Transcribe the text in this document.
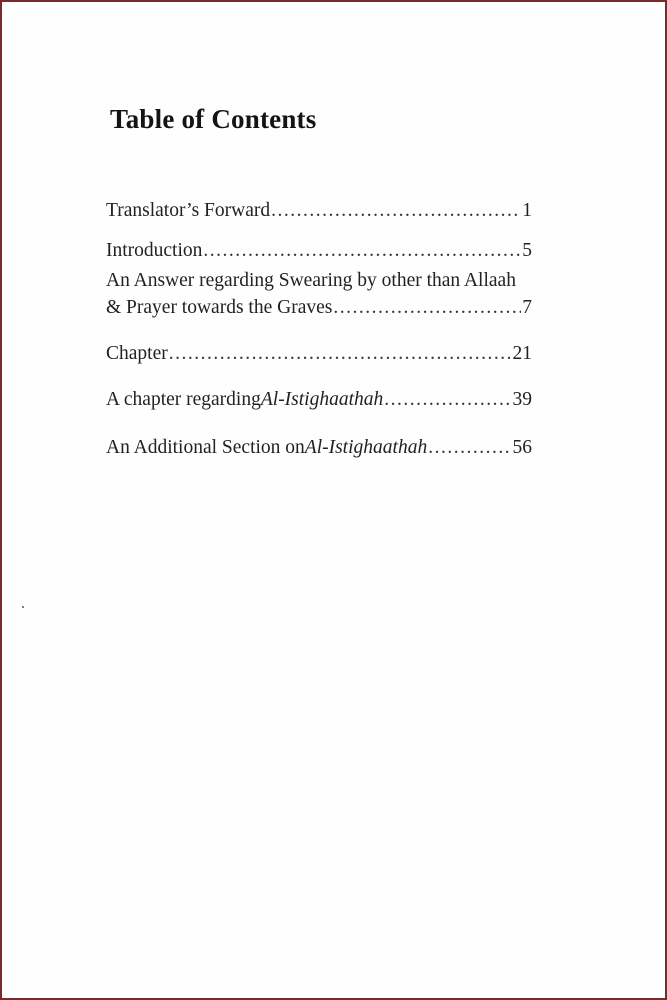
Table of Contents
Translator’s Forward .....	1
Introduction .....	5
An Answer regarding Swearing by other than Allaah
& Prayer towards the Graves .....	7
Chapter .....	21
A chapter regarding Al-Istighaathah .....	39
An Additional Section on Al-Istighaathah .....	56
